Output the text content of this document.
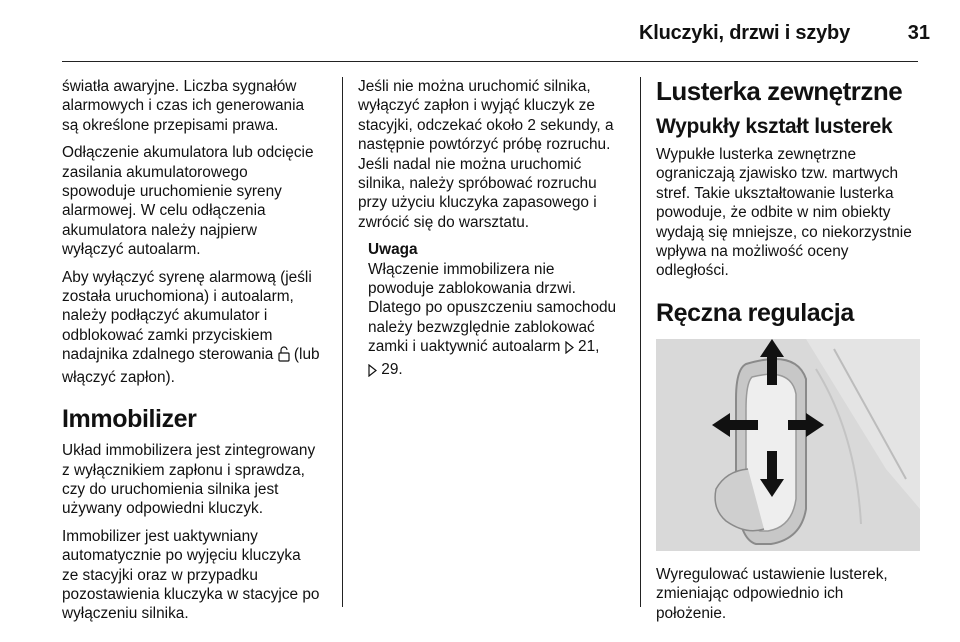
Kluczyki, drzwi i szyby	31

światła awaryjne. Liczba sygnałów
alarmowych i czas ich generowania
są określone przepisami prawa.

Odłączenie akumulatora lub odcięcie
zasilania akumulatorowego
spowoduje uruchomienie syreny
alarmowej. W celu odłączenia
akumulatora należy najpierw
wyłączyć autoalarm.

Aby wyłączyć syrenę alarmową (jeśli
została uruchomiona) i autoalarm,
należy podłączyć akumulator i
odblokować zamki przyciskiem
nadajnika zdalnego sterowania  (lub
włączyć zapłon).

Immobilizer

Układ immobilizera jest zintegrowany
z wyłącznikiem zapłonu i sprawdza,
czy do uruchomienia silnika jest
używany odpowiedni kluczyk.

Immobilizer jest uaktywniany
automatycznie po wyjęciu kluczyka
ze stacyjki oraz w przypadku
pozostawienia kluczyka w stacyjce po
wyłączeniu silnika.

Jeśli nie można uruchomić silnika,
wyłączyć zapłon i wyjąć kluczyk ze
stacyjki, odczekać około 2 sekundy, a
następnie powtórzyć próbę rozruchu.
Jeśli nadal nie można uruchomić
silnika, należy spróbować rozruchu
przy użyciu kluczyka zapasowego i
zwrócić się do warsztatu.

Uwaga
Włączenie immobilizera nie
powoduje zablokowania drzwi.
Dlatego po opuszczeniu samochodu
należy bezwzględnie zablokować
zamki i uaktywnić autoalarm  21,
29.
Lusterka zewnętrzne
Wypukły kształt lusterek

Wypukłe lusterka zewnętrzne
ograniczają zjawisko tzw. martwych
stref. Takie ukształtowanie lusterka
powoduje, że odbite w nim obiekty
wydają się mniejsze, co niekorzystnie
wpływa na możliwość oceny
odległości.

Ręczna regulacja

Wyregulować ustawienie lusterek,
zmieniając odpowiednio ich
położenie.
